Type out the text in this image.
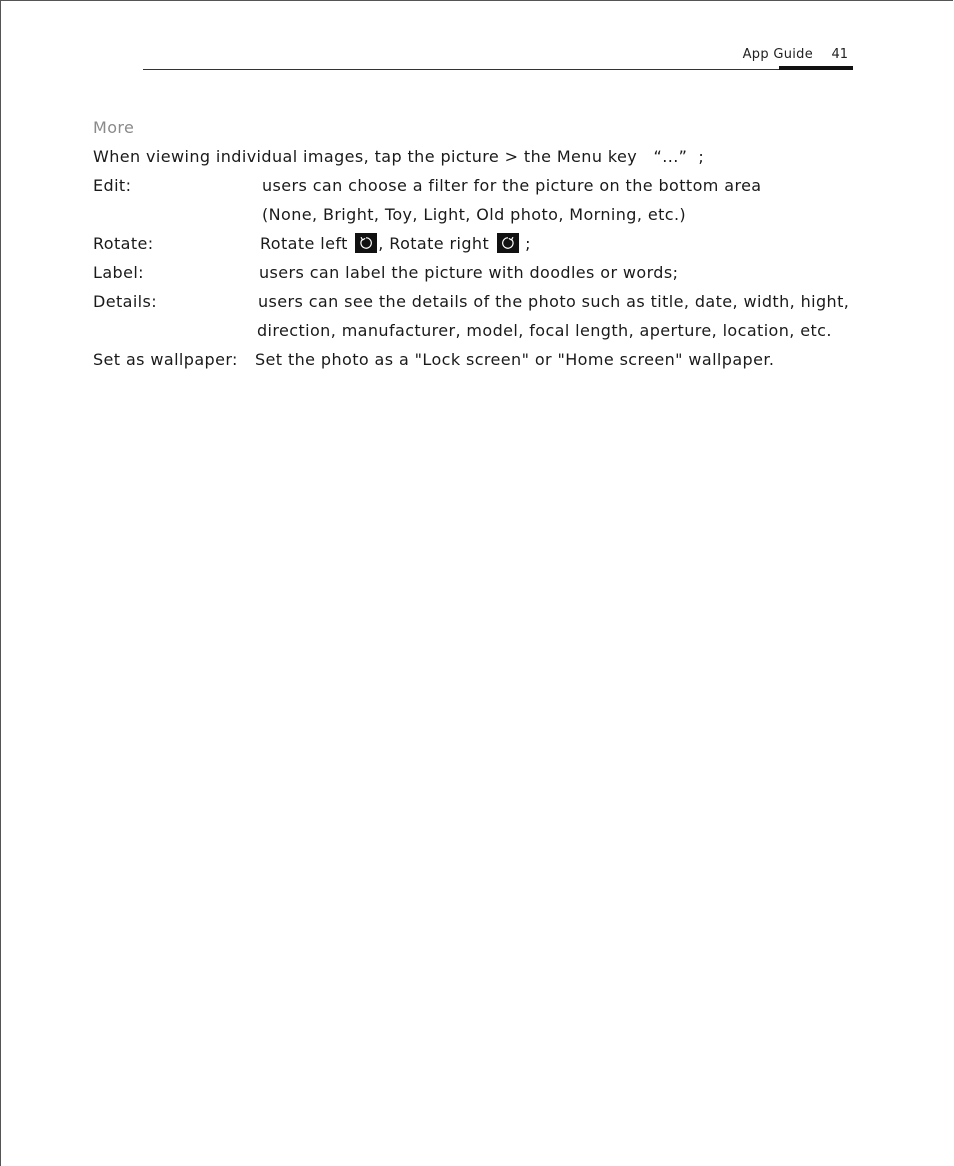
App Guide 41
More
When viewing individual images, tap the picture > the Menu key   “...”  ;
Edit:	users can choose a filter for the picture on the bottom area
(None, Bright, Toy, Light, Old photo, Morning, etc.)
Rotate:	Rotate left , Rotate right
;
Label:	users can label the picture with doodles or words;
Details:	users can see the details of the photo such as title, date, width, hight,
direction, manufacturer, model, focal length, aperture, location, etc.
Set as wallpaper: Set the photo as a "Lock screen" or "Home screen" wallpaper.
